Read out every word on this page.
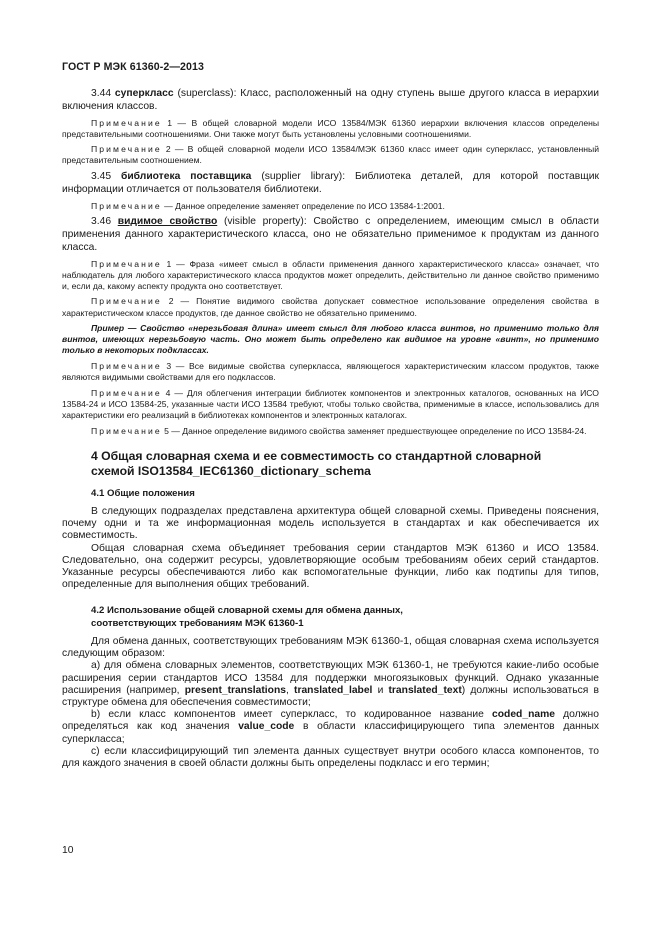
ГОСТ Р МЭК 61360-2—2013

3.44 суперкласс (superclass): Класс, расположенный на одну ступень выше другого класса в иерархии включения классов.

Примечание 1 — В общей словарной модели ИСО 13584/МЭК 61360 иерархии включения классов определены представительными соотношениями. Они также могут быть установлены условными соотношениями.

Примечание 2 — В общей словарной модели ИСО 13584/МЭК 61360 класс имеет один суперкласс, установленный представительным соотношением.

3.45 библиотека поставщика (supplier library): Библиотека деталей, для которой поставщик информации отличается от пользователя библиотеки.

Примечание — Данное определение заменяет определение по ИСО 13584-1:2001.

3.46 видимое свойство (visible property): Свойство с определением, имеющим смысл в области применения данного характеристического класса, оно не обязательно применимое к продуктам из данного класса.

Примечание 1 — Фраза «имеет смысл в области применения данного характеристического класса» означает, что наблюдатель для любого характеристического класса продуктов может определить, действительно ли данное свойство применимо и, если да, какому аспекту продукта оно соответствует.

Примечание 2 — Понятие видимого свойства допускает совместное использование определения свойства в характеристическом классе продуктов, где данное свойство не обязательно применимо.

Пример — Свойство «нерезьбовая длина» имеет смысл для любого класса винтов, но применимо только для винтов, имеющих нерезьбовую часть. Оно может быть определено как видимое на уровне «винт», но применимо только в некоторых подклассах.

Примечание 3 — Все видимые свойства суперкласса, являющегося характеристическим классом продуктов, также являются видимыми свойствами для его подклассов.

Примечание 4 — Для облегчения интеграции библиотек компонентов и электронных каталогов, основанных на ИСО 13584-24 и ИСО 13584-25, указанные части ИСО 13584 требуют, чтобы только свойства, применимые в классе, использовались для характеристики его реализаций в библиотеках компонентов и электронных каталогах.

Примечание 5 — Данное определение видимого свойства заменяет предшествующее определение по ИСО 13584-24.

4 Общая словарная схема и ее совместимость со стандартной словарной
схемой ISO13584_IEC61360_dictionary_schema

4.1 Общие положения

В следующих подразделах представлена архитектура общей словарной схемы. Приведены пояснения, почему одни и та же информационная модель используется в стандартах и как обеспечивается их совместимость.

Общая словарная схема объединяет требования серии стандартов МЭК 61360 и ИСО 13584. Следовательно, она содержит ресурсы, удовлетворяющие особым требованиям обеих серий стандартов. Указанные ресурсы обеспечиваются либо как вспомогательные функции, либо как подтипы для типов, определенные для выполнения общих требований.

4.2 Использование общей словарной схемы для обмена данных,
соответствующих требованиям МЭК 61360-1

Для обмена данных, соответствующих требованиям МЭК 61360-1, общая словарная схема используется следующим образом:

а) для обмена словарных элементов, соответствующих МЭК 61360-1, не требуются какие-либо особые расширения серии стандартов ИСО 13584 для поддержки многоязыковых функций. Однако указанные расширения (например, present_translations, translated_label и translated_text) должны использоваться в структуре обмена для обеспечения совместимости;

b) если класс компонентов имеет суперкласс, то кодированное название coded_name должно определяться как код значения value_code в области классифицирующего типа элементов данных суперкласса;

c) если классифицирующий тип элемента данных существует внутри особого класса компонентов, то для каждого значения в своей области должны быть определены подкласс и его термин;

10
